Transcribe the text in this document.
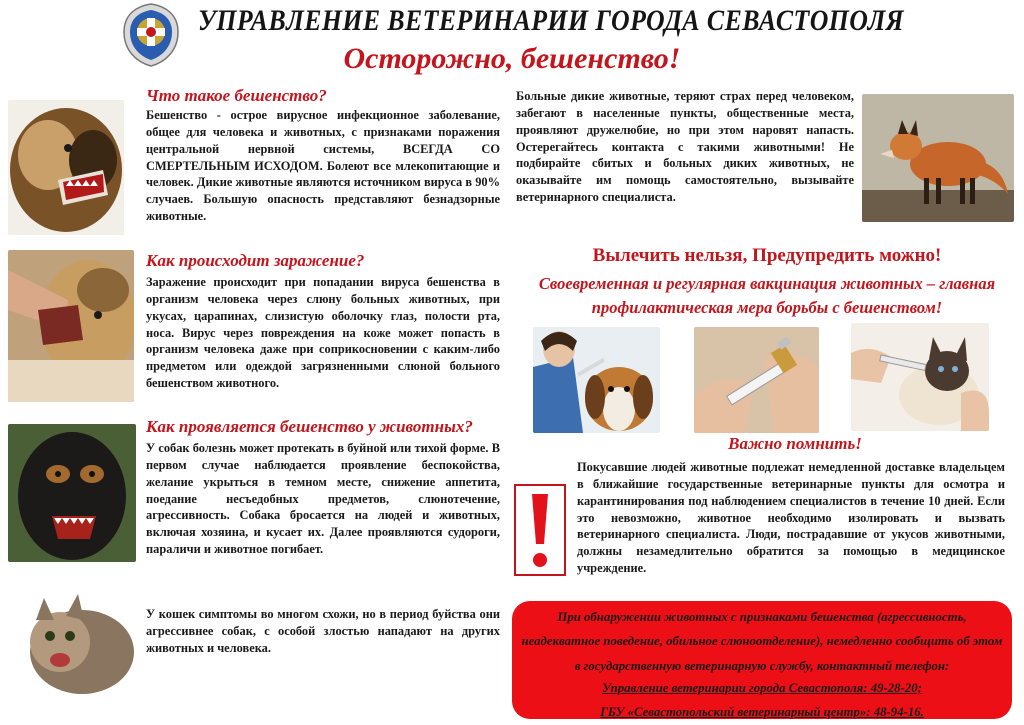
УПРАВЛЕНИЕ ВЕТЕРИНАРИИ ГОРОДА СЕВАСТОПОЛЯ
Осторожно, бешенство!
Что такое бешенство?

Бешенство - острое вирусное инфекционное заболевание, общее для человека и животных, с признаками поражения центральной нервной системы, ВСЕГДА СО СМЕРТЕЛЬНЫМ ИСХОДОМ. Болеют все млекопитающие и человек. Дикие животные являются источником вируса в 90% случаев. Большую опасность представляют безнадзорные животные.

Как происходит заражение?

Заражение происходит при попадании вируса бешенства в организм человека через слюну больных животных, при укусах, царапинах, слизистую оболочку глаз, полости рта, носа. Вирус через повреждения на коже может попасть в организм человека даже при соприкосновении с каким-либо предметом или одеждой загрязненными слюной больного бешенством животного.

Как проявляется бешенство у животных?

У собак болезнь может протекать в буйной или тихой форме. В первом случае наблюдается проявление беспокойства, желание укрыться в темном месте, снижение аппетита, поедание несъедобных предметов, слюнотечение, агрессивность. Собака бросается на людей и животных, включая хозяина, и кусает их. Далее проявляются судороги, параличи и животное погибает.

У кошек симптомы во многом схожи, но в период буйства они агрессивнее собак, с особой злостью нападают на других животных и человека.

Больные дикие животные, теряют страх перед человеком, забегают в населенные пункты, общественные места, проявляют дружелюбие, но при этом наровят напасть. Остерегайтесь контакта с такими животными! Не подбирайте сбитых и больных диких животных, не оказывайте им помощь самостоятельно, вызывайте ветеринарного специалиста.

Вылечить нельзя, Предупредить можно!
Своевременная и регулярная вакцинация животных – главная профилактическая мера борьбы с бешенством!
Важно помнить!

Покусавшие людей животные подлежат немедленной доставке владельцем в ближайшие государственные ветеринарные пункты для осмотра и карантинирования под наблюдением специалистов в течение 10 дней. Если это невозможно, животное необходимо изолировать и вызвать ветеринарного специалиста. Люди, пострадавшие от укусов животными, должны незамедлительно обратится за помощью в медицинское учреждение.

При обнаружении животных с признаками бешенства (агрессивность, неадекватное поведение, обильное слюноотделение), немедленно сообщить об этом в государственную ветеринарную службу, контактный телефон:

Управление ветеринарии города Севастополя: 49-28-20;
ГБУ «Севастопольский ветеринарный центр»: 48-94-16.
